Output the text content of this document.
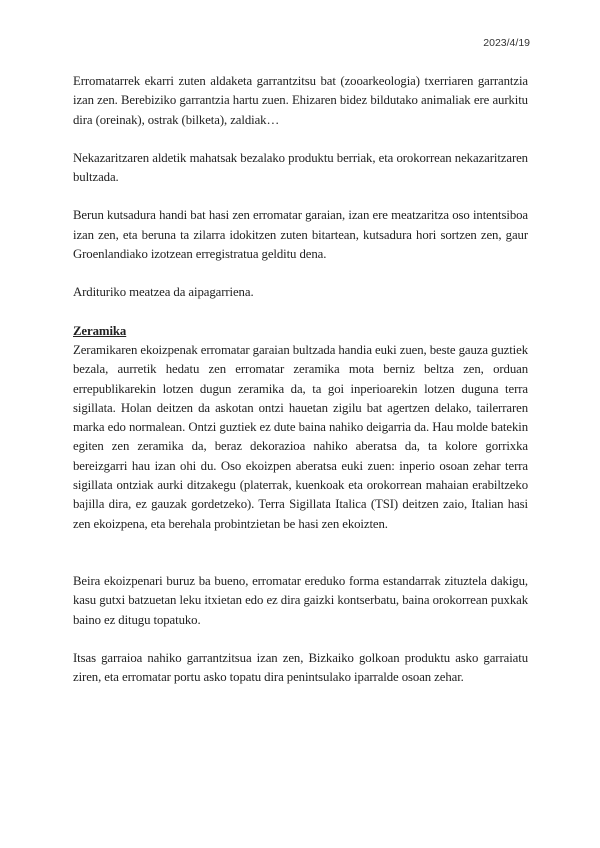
2023/4/19

Erromatarrek ekarri zuten aldaketa garrantzitsu bat (zooarkeologia) txerriaren garrantzia izan zen. Berebiziko garrantzia hartu zuen. Ehizaren bidez bildutako animaliak ere aurkitu dira (oreinak), ostrak (bilketa), zaldiak…

Nekazaritzaren aldetik mahatsak bezalako produktu berriak, eta orokorrean nekazaritzaren bultzada.

Berun kutsadura handi bat hasi zen erromatar garaian, izan ere meatzaritza oso intentsiboa izan zen, eta beruna ta zilarra idokitzen zuten bitartean, kutsadura hori sortzen zen, gaur Groenlandiako izotzean erregistratua gelditu dena.

Ardituriko meatzea da aipagarriena.

Zeramika

Zeramikaren ekoizpenak erromatar garaian bultzada handia euki zuen, beste gauza guztiek bezala, aurretik hedatu zen erromatar zeramika mota berniz beltza zen, orduan errepublikarekin lotzen dugun zeramika da, ta goi inperioarekin lotzen duguna terra sigillata. Holan deitzen da askotan ontzi hauetan zigilu bat agertzen delako, tailerraren marka edo normalean. Ontzi guztiek ez dute baina nahiko deigarria da. Hau molde batekin egiten zen zeramika da, beraz dekorazioa nahiko aberatsa da, ta kolore gorrixka bereizgarri hau izan ohi du. Oso ekoizpen aberatsa euki zuen: inperio osoan zehar terra sigillata ontziak aurki ditzakegu (platerrak, kuenkoak eta orokorrean mahaian erabiltzeko bajilla dira, ez gauzak gordetzeko). Terra Sigillata Italica (TSI) deitzen zaio, Italian hasi zen ekoizpena, eta berehala probintzietan be hasi zen ekoizten.

Beira ekoizpenari buruz ba bueno, erromatar ereduko forma estandarrak zituztela dakigu, kasu gutxi batzuetan leku itxietan edo ez dira gaizki kontserbatu, baina orokorrean puxkak baino ez ditugu topatuko.

Itsas garraioa nahiko garrantzitsua izan zen, Bizkaiko golkoan produktu asko garraiatu ziren, eta erromatar portu asko topatu dira penintsulako iparralde osoan zehar.
